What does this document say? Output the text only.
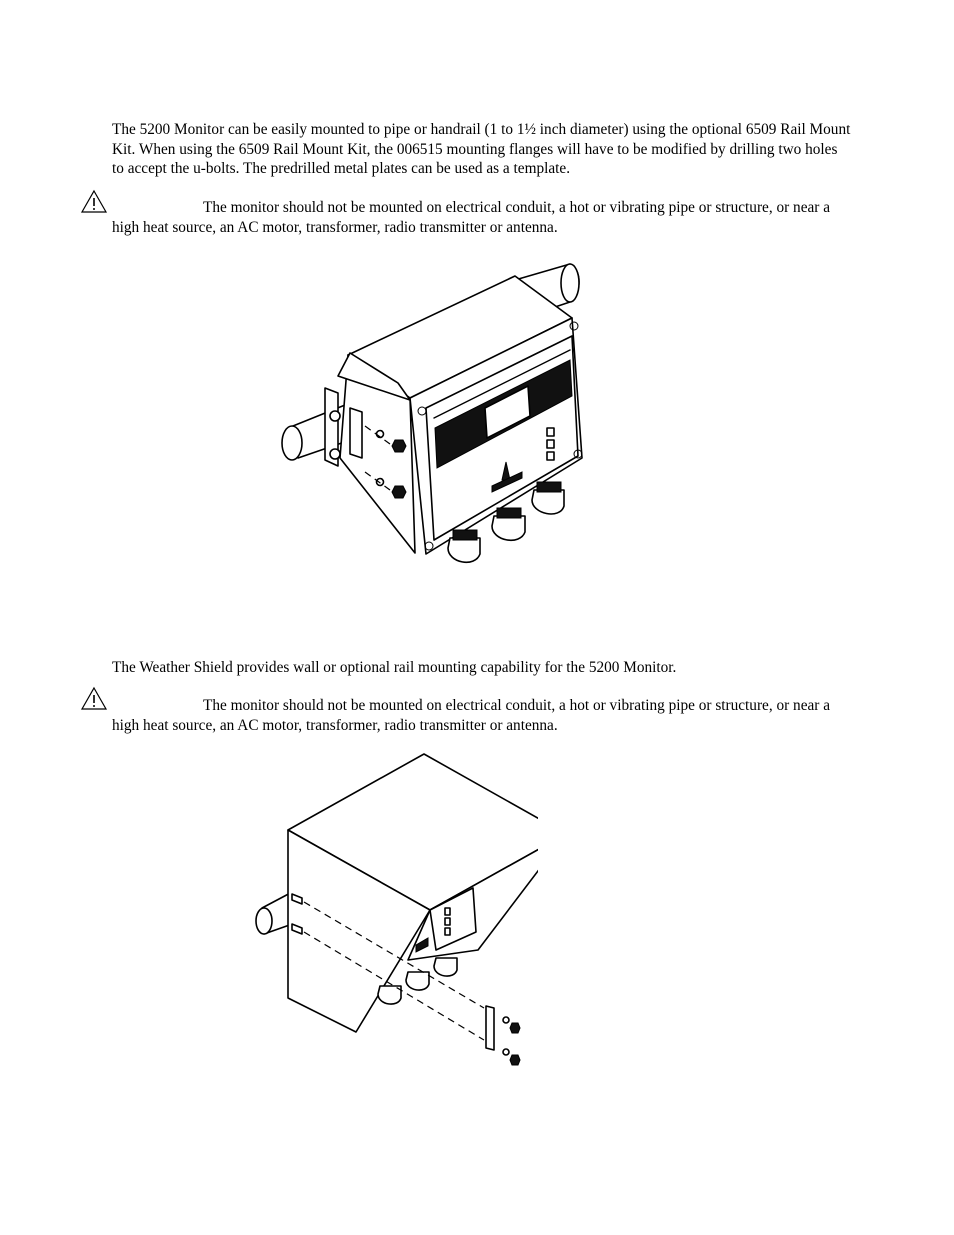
The 5200 Monitor can be easily mounted to pipe or handrail (1 to 1½ inch diameter) using the optional 6509 Rail Mount Kit. When using the 6509 Rail Mount Kit, the 006515 mounting flanges will have to be modified by drilling two holes to accept the u-bolts. The predrilled metal plates can be used as a template.

The monitor should not be mounted on electrical conduit, a hot or vibrating pipe or structure, or near a high heat source, an AC motor, transformer, radio transmitter or antenna.

The Weather Shield provides wall or optional rail mounting capability for the 5200 Monitor.

The monitor should not be mounted on electrical conduit, a hot or vibrating pipe or structure, or near a high heat source, an AC motor, transformer, radio transmitter or antenna.
